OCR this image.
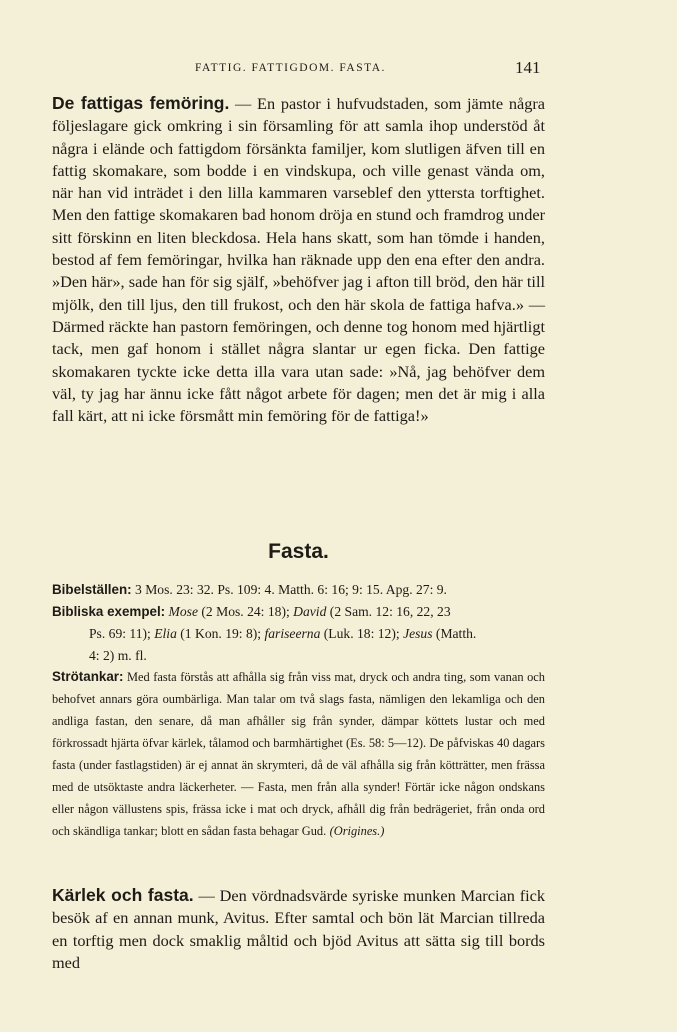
FATTIG. FATTIGDOM. FASTA.	141
De fattigas femöring. — En pastor i hufvudstaden, som jämte några följeslagare gick omkring i sin församling för att samla ihop understöd åt några i elände och fattigdom försänkta familjer, kom slutligen äfven till en fattig skomakare, som bodde i en vindskupa, och ville genast vända om, när han vid inträdet i den lilla kammaren varseblef den yttersta torftighet. Men den fattige skomakaren bad honom dröja en stund och framdrog under sitt förskinn en liten bleckdosa. Hela hans skatt, som han tömde i handen, bestod af fem femöringar, hvilka han räknade upp den ena efter den andra. »Den här», sade han för sig själf, »behöfver jag i afton till bröd, den här till mjölk, den till ljus, den till frukost, och den här skola de fattiga hafva.» — Därmed räckte han pastorn femöringen, och denne tog honom med hjärtligt tack, men gaf honom i stället några slantar ur egen ficka. Den fattige skomakaren tyckte icke detta illa vara utan sade: »Nå, jag behöfver dem väl, ty jag har ännu icke fått något arbete för dagen; men det är mig i alla fall kärt, att ni icke försmått min femöring för de fattiga!»
Fasta.
Bibelställen: 3 Mos. 23: 32. Ps. 109: 4. Matth. 6: 16; 9: 15. Apg. 27: 9.
Bibliska exempel: Mose (2 Mos. 24: 18); David (2 Sam. 12: 16, 22, 23
Ps. 69: 11); Elia (1 Kon. 19: 8); fariseerna (Luk. 18: 12); Jesus (Matth.
4: 2) m. fl.
Strötankar: Med fasta förstås att afhålla sig från viss mat, dryck och andra ting, som vanan och behofvet annars göra oumbärliga. Man talar om två slags fasta, nämligen den lekamliga och den andliga fastan, den senare, då man afhåller sig från synder, dämpar köttets lustar och med förkrossadt hjärta öfvar kärlek, tålamod och barmhärtighet (Es. 58: 5—12). De påfviskas 40 dagars fasta (under fastlagstiden) är ej annat än skrymteri, då de väl afhålla sig från kötträtter, men frässa med de utsöktaste andra läckerheter. — Fasta, men från alla synder! Förtär icke någon ondskans eller någon vällustens spis, frässa icke i mat och dryck, afhåll dig från bedrägeriet, från onda ord och skändliga tankar; blott en sådan fasta behagar Gud. (Origines.)
Kärlek och fasta. — Den vördnadsvärde syriske munken Marcian fick besök af en annan munk, Avitus. Efter samtal och bön lät Marcian tillreda en torftig men dock smaklig måltid och bjöd Avitus att sätta sig till bords med
